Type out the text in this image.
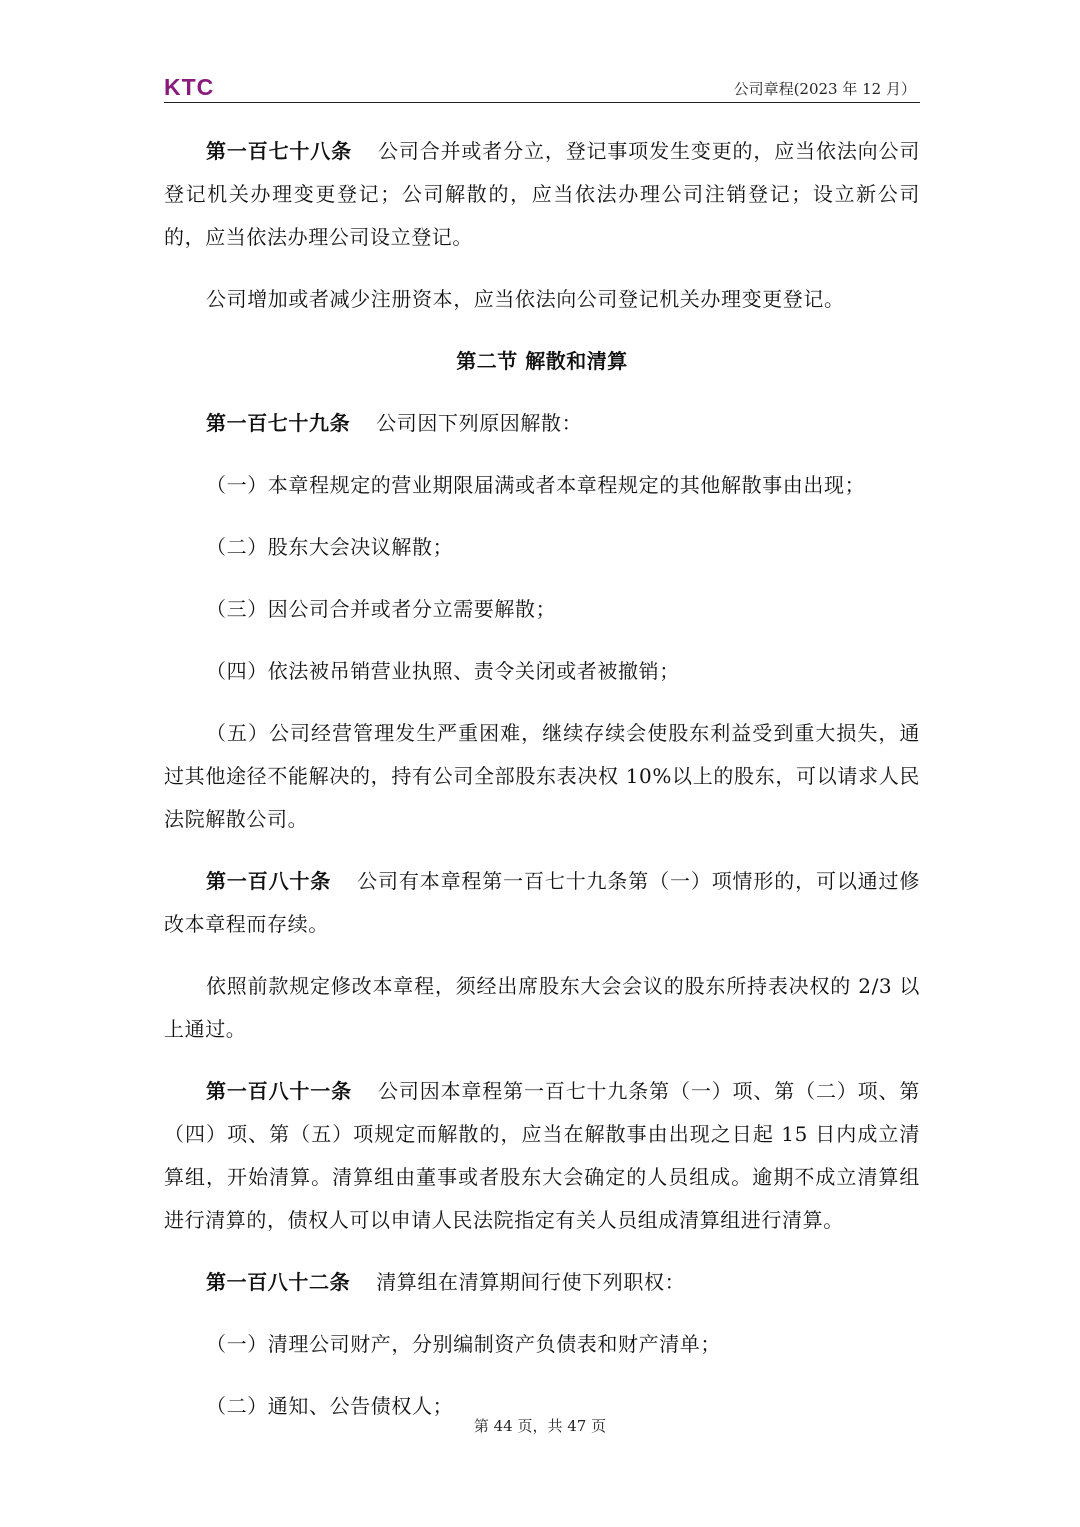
KTC	公司章程(2023 年 12 月）

第一百七十八条 公司合并或者分立，登记事项发生变更的，应当依法向公司登记机关办理变更登记；公司解散的，应当依法办理公司注销登记；设立新公司的，应当依法办理公司设立登记。

公司增加或者减少注册资本，应当依法向公司登记机关办理变更登记。

第二节 解散和清算

第一百七十九条 公司因下列原因解散：

（一）本章程规定的营业期限届满或者本章程规定的其他解散事由出现；

（二）股东大会决议解散；

（三）因公司合并或者分立需要解散；

（四）依法被吊销营业执照、责令关闭或者被撤销；

（五）公司经营管理发生严重困难，继续存续会使股东利益受到重大损失，通过其他途径不能解决的，持有公司全部股东表决权 10%以上的股东，可以请求人民法院解散公司。

第一百八十条 公司有本章程第一百七十九条第（一）项情形的，可以通过修改本章程而存续。

依照前款规定修改本章程，须经出席股东大会会议的股东所持表决权的 2/3 以上通过。

第一百八十一条 公司因本章程第一百七十九条第（一）项、第（二）项、第（四）项、第（五）项规定而解散的，应当在解散事由出现之日起 15 日内成立清算组，开始清算。清算组由董事或者股东大会确定的人员组成。逾期不成立清算组进行清算的，债权人可以申请人民法院指定有关人员组成清算组进行清算。

第一百八十二条 清算组在清算期间行使下列职权：

（一）清理公司财产，分别编制资产负债表和财产清单；

（二）通知、公告债权人；

第 44 页，共 47 页
